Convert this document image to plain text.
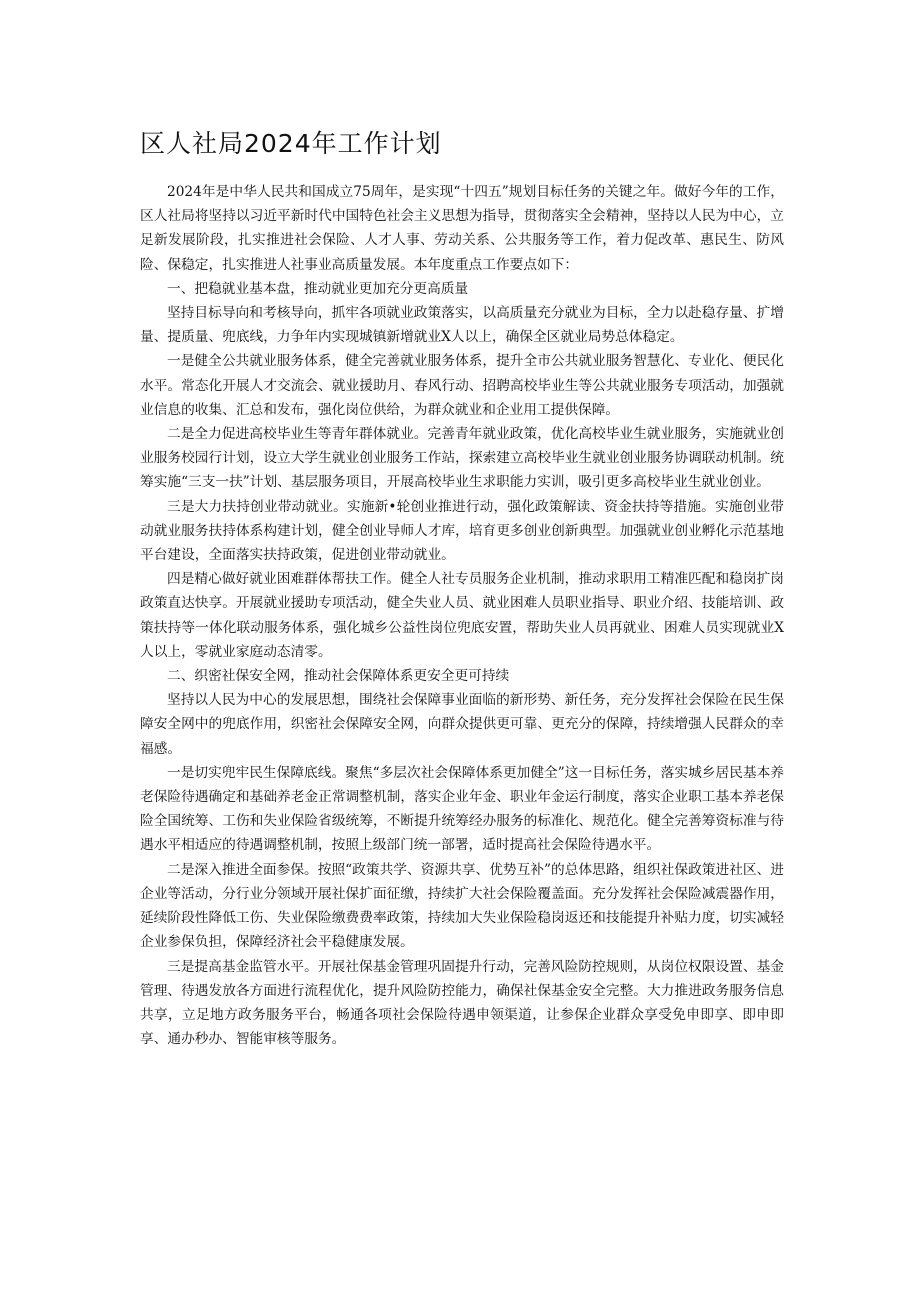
区人社局2024年工作计划

2024年是中华人民共和国成立75周年，是实现“十四五”规划目标任务的关键之年。做好今年的工作，区人社局将坚持以习近平新时代中国特色社会主义思想为指导，贯彻落实全会精神，坚持以人民为中心，立足新发展阶段，扎实推进社会保险、人才人事、劳动关系、公共服务等工作，着力促改革、惠民生、防风险、保稳定，扎实推进人社事业高质量发展。本年度重点工作要点如下：

一、把稳就业基本盘，推动就业更加充分更高质量

坚持目标导向和考核导向，抓牢各项就业政策落实，以高质量充分就业为目标，全力以赴稳存量、扩增量、提质量、兜底线，力争年内实现城镇新增就业X人以上，确保全区就业局势总体稳定。

一是健全公共就业服务体系，健全完善就业服务体系，提升全市公共就业服务智慧化、专业化、便民化水平。常态化开展人才交流会、就业援助月、春风行动、招聘高校毕业生等公共就业服务专项活动，加强就业信息的收集、汇总和发布，强化岗位供给，为群众就业和企业用工提供保障。

二是全力促进高校毕业生等青年群体就业。完善青年就业政策，优化高校毕业生就业服务，实施就业创业服务校园行计划，设立大学生就业创业服务工作站，探索建立高校毕业生就业创业服务协调联动机制。统筹实施“三支一扶”计划、基层服务项目，开展高校毕业生求职能力实训，吸引更多高校毕业生就业创业。

三是大力扶持创业带动就业。实施新•轮创业推进行动，强化政策解读、资金扶持等措施。实施创业带动就业服务扶持体系构建计划，健全创业导师人才库，培育更多创业创新典型。加强就业创业孵化示范基地平台建设，全面落实扶持政策，促进创业带动就业。

四是精心做好就业困难群体帮扶工作。健全人社专员服务企业机制，推动求职用工精准匹配和稳岗扩岗政策直达快享。开展就业援助专项活动，健全失业人员、就业困难人员职业指导、职业介绍、技能培训、政策扶持等一体化联动服务体系，强化城乡公益性岗位兜底安置，帮助失业人员再就业、困难人员实现就业X人以上，零就业家庭动态清零。

二、织密社保安全网，推动社会保障体系更安全更可持续

坚持以人民为中心的发展思想，围绕社会保障事业面临的新形势、新任务，充分发挥社会保险在民生保障安全网中的兜底作用，织密社会保障安全网，向群众提供更可靠、更充分的保障，持续增强人民群众的幸福感。

一是切实兜牢民生保障底线。聚焦“多层次社会保障体系更加健全”这一目标任务，落实城乡居民基本养老保险待遇确定和基础养老金正常调整机制，落实企业年金、职业年金运行制度，落实企业职工基本养老保险全国统筹、工伤和失业保险省级统筹，不断提升统筹经办服务的标准化、规范化。健全完善筹资标准与待遇水平相适应的待遇调整机制，按照上级部门统一部署，适时提高社会保险待遇水平。

二是深入推进全面参保。按照“政策共学、资源共享、优势互补”的总体思路，组织社保政策进社区、进企业等活动，分行业分领域开展社保扩面征缴，持续扩大社会保险覆盖面。充分发挥社会保险减震器作用，延续阶段性降低工伤、失业保险缴费费率政策，持续加大失业保险稳岗返还和技能提升补贴力度，切实减轻企业参保负担，保障经济社会平稳健康发展。

三是提高基金监管水平。开展社保基金管理巩固提升行动，完善风险防控规则，从岗位权限设置、基金管理、待遇发放各方面进行流程优化，提升风险防控能力，确保社保基金安全完整。大力推进政务服务信息共享，立足地方政务服务平台，畅通各项社会保险待遇申领渠道，让参保企业群众享受免申即享、即申即享、通办秒办、智能审核等服务。
